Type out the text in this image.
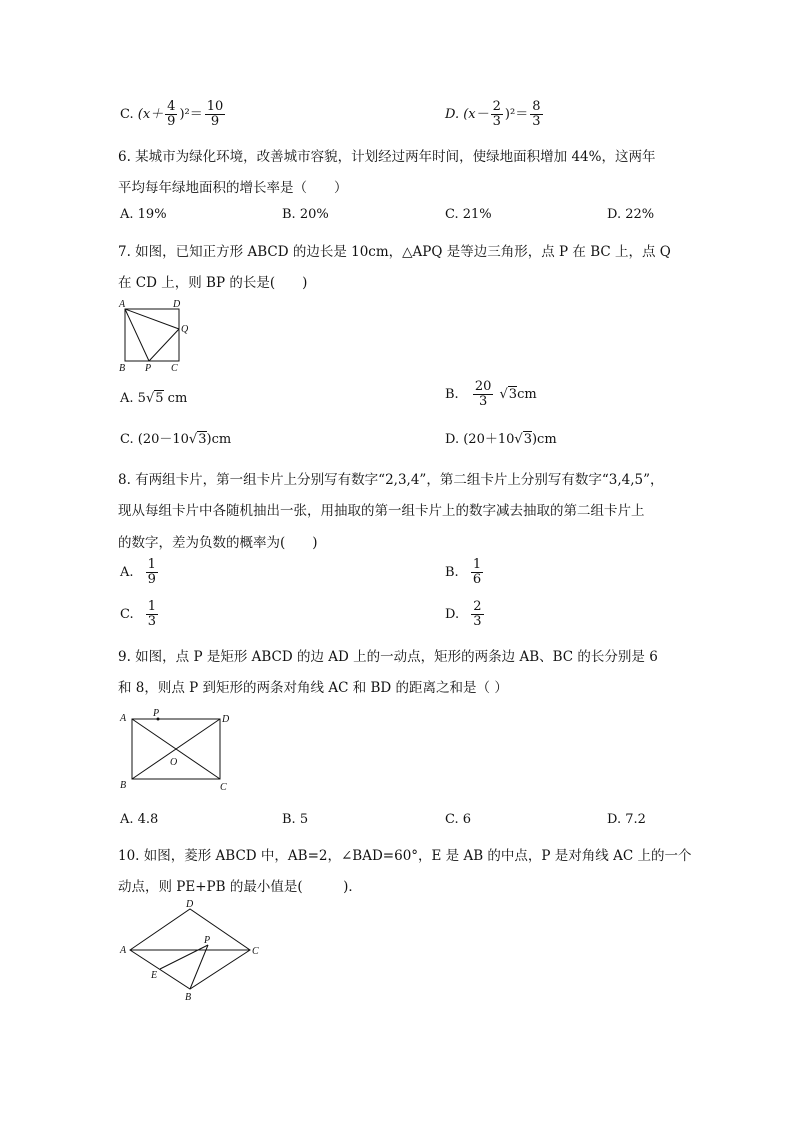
C. $(x+ \frac{4}{9} )^2= \frac{10}{9}$	D. $(x- \frac{2}{3} )^2= \frac{8}{3}$
6. 某城市为绿化环境，改善城市容貌，计划经过两年时间，使绿地面积增加 44%，这两年
平均每年绿地面积的增长率是（　　）
A. 19%	B. 20%	C. 21%	D. 22%
7. 如图，已知正方形 ABCD 的边长是 10cm，△APQ 是等边三角形，点 P 在 BC 上，点 Q
在 CD 上，则 BP 的长是(　　)
A	D
Q
B P C
A. 5√5 cm	B. $\frac{20}{3} √3cm$
C. (20－10√3)cm	D. (20＋10√3)cm
8. 有两组卡片，第一组卡片上分别写有数字“2,3,4”，第二组卡片上分别写有数字“3,4,5”，
现从每组卡片中各随机抽出一张，用抽取的第一组卡片上的数字减去抽取的第二组卡片上
的数字，差为负数的概率为(　　)
A. $\frac{1}{9}$	B. $\frac{1}{6}$
C. $\frac{1}{3}$	D. $\frac{2}{3}$
9. 如图，点 P 是矩形 ABCD 的边 AD 上的一动点，矩形的两条边 AB、BC 的长分别是 6
和 8，则点 P 到矩形的两条对角线 AC 和 BD 的距离之和是（ ）
A	P
D
O
B	C
A. 4.8	B. 5	C. 6	D. 7.2
10. 如图，菱形 ABCD 中，AB=2，∠BAD=60°，E 是 AB 的中点，P 是对角线 AC 上的一个
动点，则 PE+PB 的最小值是(　　　)．
D
A	C
P
E
B
